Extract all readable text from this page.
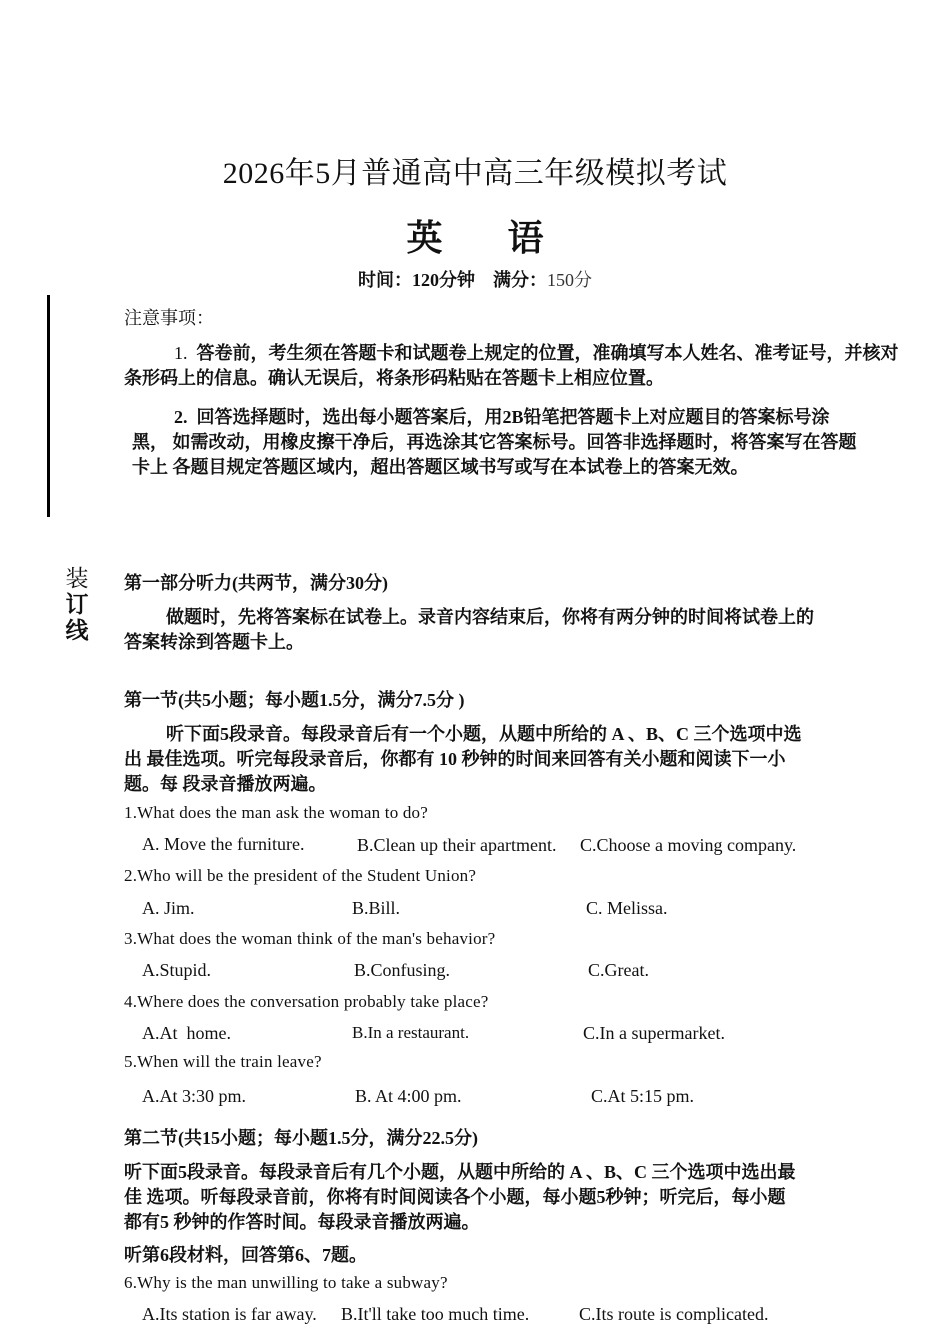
2026年5月普通高中高三年级模拟考试
英 语
时间：120分钟 满分：150分
注意事项：
1. 答卷前，考生须在答题卡和试题卷上规定的位置，准确填写本人姓名、准考证号，并核对条形码上的信息。确认无误后，将条形码粘贴在答题卡上相应位置。
2. 回答选择题时，选出每小题答案后，用2B铅笔把答题卡上对应题目的答案标号涂
黑， 如需改动，用橡皮擦干净后，再选涂其它答案标号。回答非选择题时，将答案写在答题
卡上 各题目规定答题区域内，超出答题区域书写或写在本试卷上的答案无效。
装
订
线
第一部分听力(共两节，满分30分)
做题时，先将答案标在试卷上。录音内容结束后，你将有两分钟的时间将试卷上的
答案转涂到答题卡上。
第一节(共5小题；每小题1.5分，满分7.5分 )
听下面5段录音。每段录音后有一个小题，从题中所给的 A 、B、C 三个选项中选
出 最佳选项。听完每段录音后，你都有 10 秒钟的时间来回答有关小题和阅读下一小
题。每 段录音播放两遍。
1.What does the man ask the woman to do?
A. Move the furniture.	B.Clean up their apartment. C.Choose a moving company.
2.Who will be the president of the Student Union?
A. Jim.	B.Bill.	C. Melissa.
3.What does the woman think of the man's behavior?
A.Stupid.	B.Confusing.	C.Great.
4.Where does the conversation probably take place?
A.At  home.	B.In a restaurant.	C.In a supermarket.
5.When will the train leave?
A.At 3:30 pm.	B. At 4:00 pm.	C.At 5:15 pm.
第二节(共15小题；每小题1.5分，满分22.5分)
听下面5段录音。每段录音后有几个小题，从题中所给的 A 、B、C 三个选项中选出最
佳 选项。听每段录音前，你将有时间阅读各个小题，每小题5秒钟；听完后，每小题
都有5 秒钟的作答时间。每段录音播放两遍。
听第6段材料，回答第6、7题。
6.Why is the man unwilling to take a subway?
A.Its station is far away. B.It'll take too much time.	C.Its route is complicated.
